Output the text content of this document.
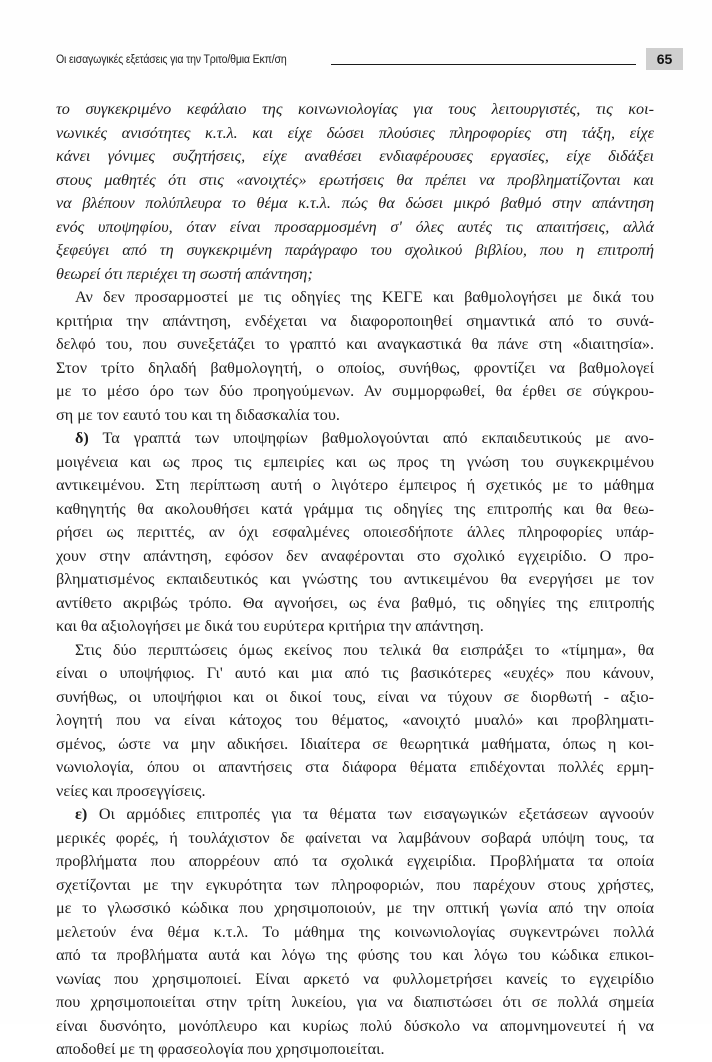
Οι εισαγωγικές εξετάσεις για την Τριτο/θμια Εκπ/ση	65
το συγκεκριμένο κεφάλαιο της κοινωνιολογίας για τους λειτουργιστές, τις κοι-
νωνικές ανισότητες κ.τ.λ. και είχε δώσει πλούσιες πληροφορίες στη τάξη, είχε
κάνει γόνιμες συζητήσεις, είχε αναθέσει ενδιαφέρουσες εργασίες, είχε διδάξει
στους μαθητές ότι στις «ανοιχτές» ερωτήσεις θα πρέπει να προβληματίζονται και
να βλέπουν πολύπλευρα το θέμα κ.τ.λ. πώς θα δώσει μικρό βαθμό στην απάντηση
ενός υποψηφίου, όταν είναι προσαρμοσμένη σ' όλες αυτές τις απαιτήσεις, αλλά
ξεφεύγει από τη συγκεκριμένη παράγραφο του σχολικού βιβλίου, που η επιτροπή
θεωρεί ότι περιέχει τη σωστή απάντηση;
Αν δεν προσαρμοστεί με τις οδηγίες της ΚΕΓΕ και βαθμολογήσει με δικά του
κριτήρια την απάντηση, ενδέχεται να διαφοροποιηθεί σημαντικά από το συνά-
δελφό του, που συνεξετάζει το γραπτό και αναγκαστικά θα πάνε στη «διαιτησία».
Στον τρίτο δηλαδή βαθμολογητή, ο οποίος, συνήθως, φροντίζει να βαθμολογεί
με το μέσο όρο των δύο προηγούμενων. Αν συμμορφωθεί, θα έρθει σε σύγκρου-
ση με τον εαυτό του και τη διδασκαλία του.
δ) Τα γραπτά των υποψηφίων βαθμολογούνται από εκπαιδευτικούς με ανο-
μοιγένεια και ως προς τις εμπειρίες και ως προς τη γνώση του συγκεκριμένου
αντικειμένου. Στη περίπτωση αυτή ο λιγότερο έμπειρος ή σχετικός με το μάθημα
καθηγητής θα ακολουθήσει κατά γράμμα τις οδηγίες της επιτροπής και θα θεω-
ρήσει ως περιττές, αν όχι εσφαλμένες οποιεσδήποτε άλλες πληροφορίες υπάρ-
χουν στην απάντηση, εφόσον δεν αναφέρονται στο σχολικό εγχειρίδιο. Ο προ-
βληματισμένος εκπαιδευτικός και γνώστης του αντικειμένου θα ενεργήσει με τον
αντίθετο ακριβώς τρόπο. Θα αγνοήσει, ως ένα βαθμό, τις οδηγίες της επιτροπής
και θα αξιολογήσει με δικά του ευρύτερα κριτήρια την απάντηση.
Στις δύο περιπτώσεις όμως εκείνος που τελικά θα εισπράξει το «τίμημα», θα
είναι ο υποψήφιος. Γι' αυτό και μια από τις βασικότερες «ευχές» που κάνουν,
συνήθως, οι υποψήφιοι και οι δικοί τους, είναι να τύχουν σε διορθωτή - αξιο-
λογητή που να είναι κάτοχος του θέματος, «ανοιχτό μυαλό» και προβληματι-
σμένος, ώστε να μην αδικήσει. Ιδιαίτερα σε θεωρητικά μαθήματα, όπως η κοι-
νωνιολογία, όπου οι απαντήσεις στα διάφορα θέματα επιδέχονται πολλές ερμη-
νείες και προσεγγίσεις.
ε) Οι αρμόδιες επιτροπές για τα θέματα των εισαγωγικών εξετάσεων αγνοούν
μερικές φορές, ή τουλάχιστον δε φαίνεται να λαμβάνουν σοβαρά υπόψη τους, τα
προβλήματα που απορρέουν από τα σχολικά εγχειρίδια. Προβλήματα τα οποία
σχετίζονται με την εγκυρότητα των πληροφοριών, που παρέχουν στους χρήστες,
με το γλωσσικό κώδικα που χρησιμοποιούν, με την οπτική γωνία από την οποία
μελετούν ένα θέμα κ.τ.λ. Το μάθημα της κοινωνιολογίας συγκεντρώνει πολλά
από τα προβλήματα αυτά και λόγω της φύσης του και λόγω του κώδικα επικοι-
νωνίας που χρησιμοποιεί. Είναι αρκετό να φυλλομετρήσει κανείς το εγχειρίδιο
που χρησιμοποιείται στην τρίτη λυκείου, για να διαπιστώσει ότι σε πολλά σημεία
είναι δυσνόητο, μονόπλευρο και κυρίως πολύ δύσκολο να απομνημονευτεί ή να
αποδοθεί με τη φρασεολογία που χρησιμοποιείται.
